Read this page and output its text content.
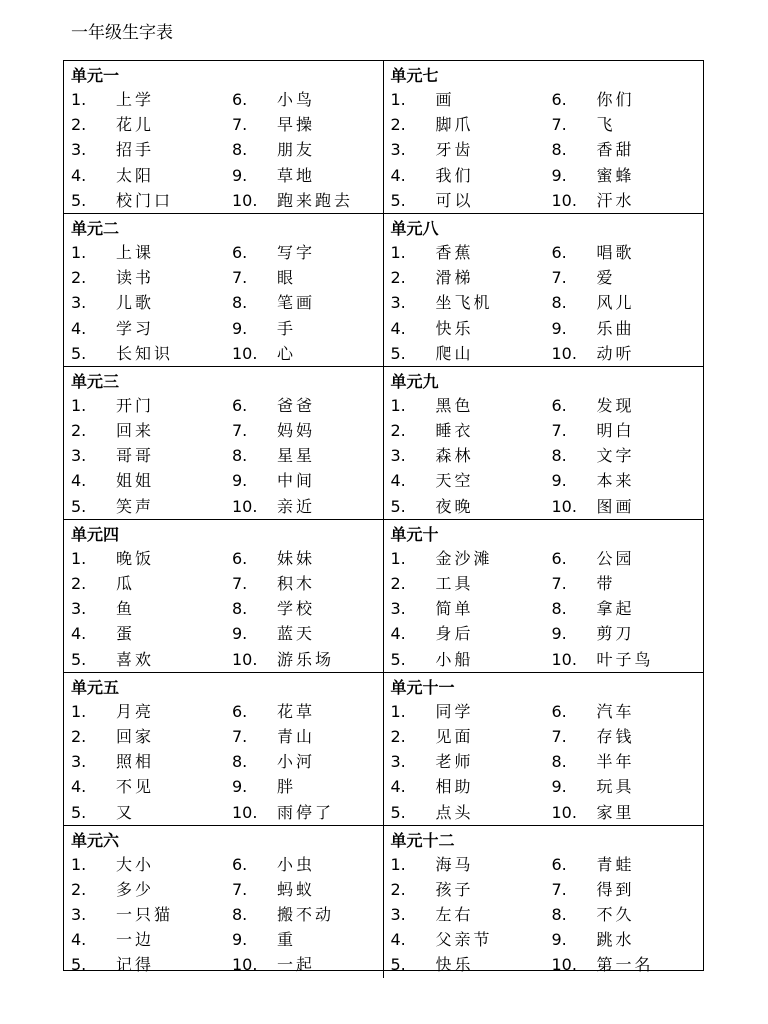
一年级生字表
单元一
1. 上学	6. 小鸟
2. 花儿	7. 早操
3. 招手	8. 朋友
4. 太阳	9. 草地
5. 校门口	10. 跑来跑去
单元七
1. 画	6. 你们
2. 脚爪	7. 飞
3. 牙齿	8. 香甜
4. 我们	9. 蜜蜂
5. 可以	10. 汗水
单元二
1. 上课	6. 写字
2. 读书	7. 眼
3. 儿歌	8. 笔画
4. 学习	9. 手
5. 长知识	10. 心
单元八
1. 香蕉	6. 唱歌
2. 滑梯	7. 爱
3. 坐飞机	8. 风儿
4. 快乐	9. 乐曲
5. 爬山	10. 动听
单元三
1. 开门	6. 爸爸
2. 回来	7. 妈妈
3. 哥哥	8. 星星
4. 姐姐	9. 中间
5. 笑声	10. 亲近
单元九
1. 黑色	6. 发现
2. 睡衣	7. 明白
3. 森林	8. 文字
4. 天空	9. 本来
5. 夜晚	10. 图画
单元四
1. 晚饭	6. 妹妹
2. 瓜	7. 积木
3. 鱼	8. 学校
4. 蛋	9. 蓝天
5. 喜欢	10. 游乐场
单元十
1. 金沙滩	6. 公园
2. 工具	7. 带
3. 简单	8. 拿起
4. 身后	9. 剪刀
5. 小船	10. 叶子鸟
单元五
1. 月亮	6. 花草
2. 回家	7. 青山
3. 照相	8. 小河
4. 不见	9. 胖
5. 又	10. 雨停了
单元十一
1. 同学	6. 汽车
2. 见面	7. 存钱
3. 老师	8. 半年
4. 相助	9. 玩具
5. 点头	10. 家里
单元六
1. 大小	6. 小虫
2. 多少	7. 蚂蚁
3. 一只猫	8. 搬不动
4. 一边	9. 重
5. 记得	10. 一起
单元十二
1. 海马	6. 青蛙
2. 孩子	7. 得到
3. 左右	8. 不久
4. 父亲节	9. 跳水
5. 快乐	10. 第一名
